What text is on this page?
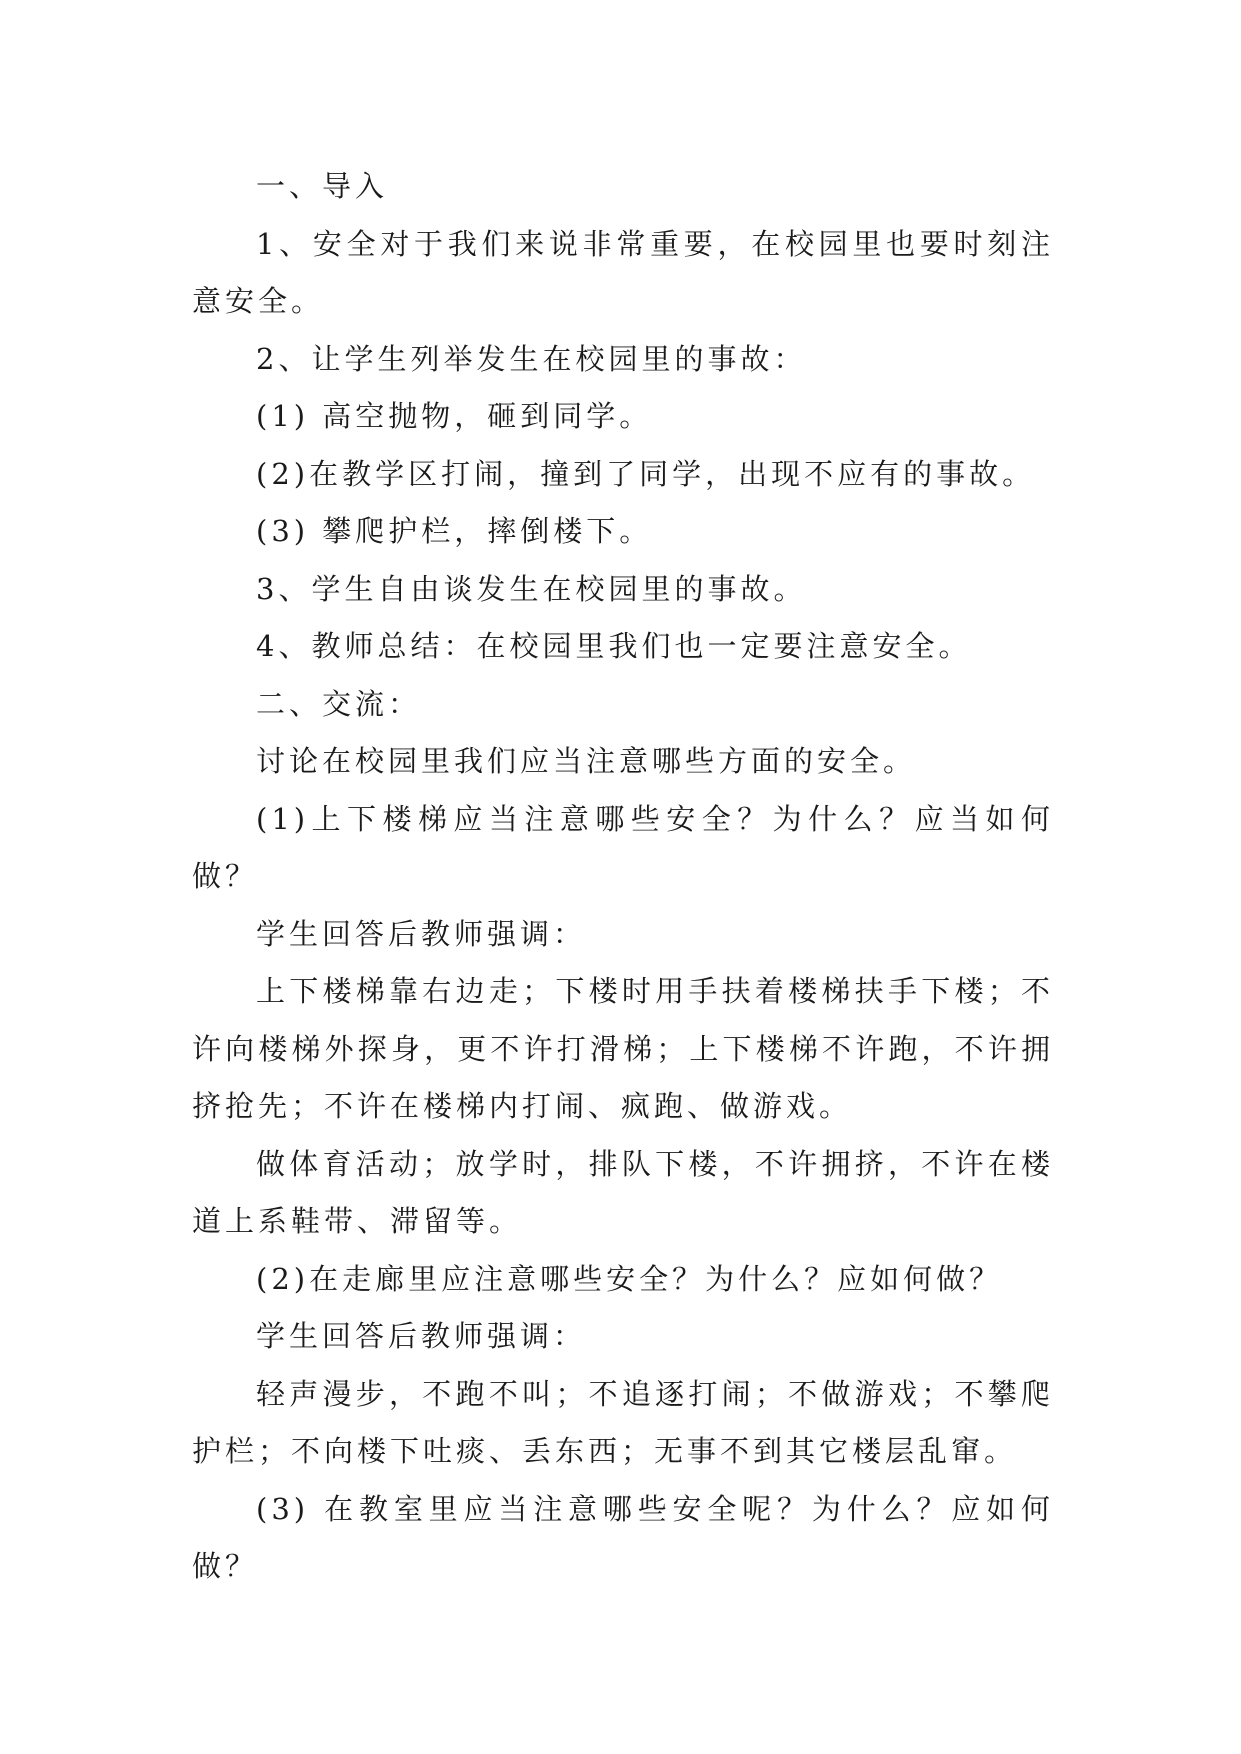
一、导入

1、安全对于我们来说非常重要，在校园里也要时刻注意安全。

2、让学生列举发生在校园里的事故：

(1) 高空抛物，砸到同学。

(2)在教学区打闹，撞到了同学，出现不应有的事故。

(3) 攀爬护栏，摔倒楼下。

3、学生自由谈发生在校园里的事故。

4、教师总结：在校园里我们也一定要注意安全。

二、交流：

讨论在校园里我们应当注意哪些方面的安全。

(1)上下楼梯应当注意哪些安全？为什么？应当如何做？

学生回答后教师强调：

上下楼梯靠右边走；下楼时用手扶着楼梯扶手下楼；不许向楼梯外探身，更不许打滑梯；上下楼梯不许跑，不许拥挤抢先；不许在楼梯内打闹、疯跑、做游戏。

做体育活动；放学时，排队下楼，不许拥挤，不许在楼道上系鞋带、滞留等。

(2)在走廊里应注意哪些安全？为什么？应如何做？

学生回答后教师强调：

轻声漫步，不跑不叫；不追逐打闹；不做游戏；不攀爬护栏；不向楼下吐痰、丢东西；无事不到其它楼层乱窜。

(3) 在教室里应当注意哪些安全呢？为什么？应如何做？
